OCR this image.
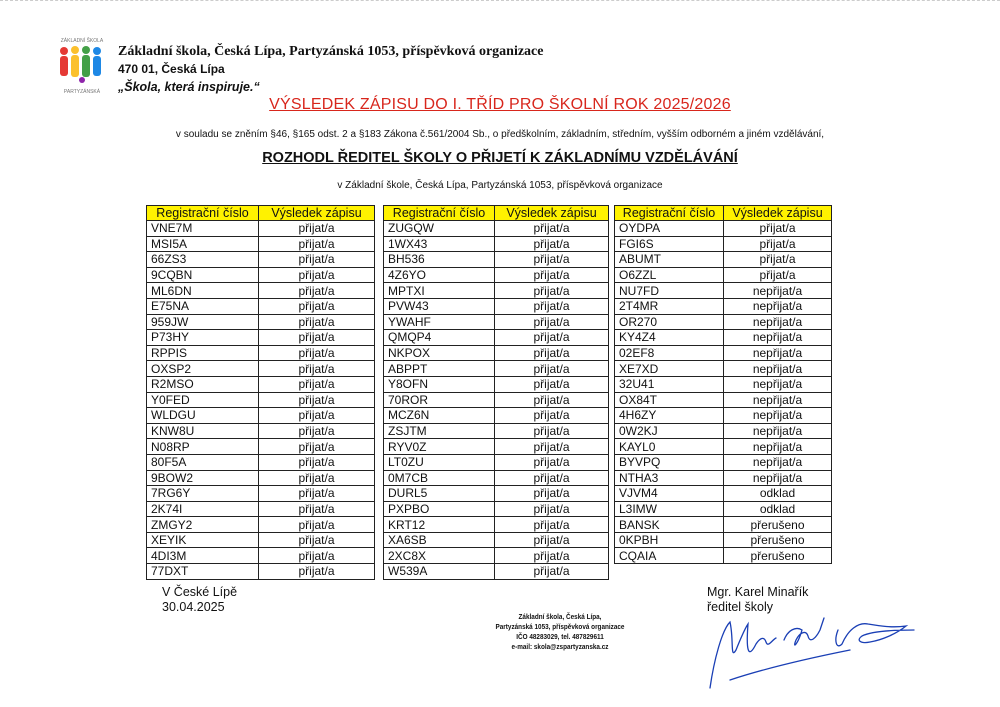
ZÁKLADNÍ ŠKOLA
PARTYZÁNSKÁ
Základní škola, Česká Lípa, Partyzánská 1053, příspěvková organizace
470 01, Česká Lípa
„Škola, která inspiruje.“
VÝSLEDEK ZÁPISU DO I. TŘÍD PRO ŠKOLNÍ ROK 2025/2026
v souladu se zněním §46, §165 odst. 2 a §183 Zákona č.561/2004 Sb., o předškolním, základním, středním, vyšším odborném a jiném vzdělávání,
ROZHODL ŘEDITEL ŠKOLY O PŘIJETÍ K ZÁKLADNÍMU VZDĚLÁVÁNÍ
v Základní škole, Česká Lípa, Partyzánská 1053, příspěvková organizace
Registrační číslo	Výsledek zápisu
VNE7M	přijat/a
MSI5A	přijat/a
66ZS3	přijat/a
9CQBN	přijat/a
ML6DN	přijat/a
E75NA	přijat/a
959JW	přijat/a
P73HY	přijat/a
RPPIS	přijat/a
OXSP2	přijat/a
R2MSO	přijat/a
Y0FED	přijat/a
WLDGU	přijat/a
KNW8U	přijat/a
N08RP	přijat/a
80F5A	přijat/a
9BOW2	přijat/a
7RG6Y	přijat/a
2K74I	přijat/a
ZMGY2	přijat/a
XEYIK	přijat/a
4DI3M	přijat/a
77DXT	přijat/a
Registrační číslo	Výsledek zápisu
ZUGQW	přijat/a
1WX43	přijat/a
BH536	přijat/a
4Z6YO	přijat/a
MPTXI	přijat/a
PVW43	přijat/a
YWAHF	přijat/a
QMQP4	přijat/a
NKPOX	přijat/a
ABPPT	přijat/a
Y8OFN	přijat/a
70ROR	přijat/a
MCZ6N	přijat/a
ZSJTM	přijat/a
RYV0Z	přijat/a
LT0ZU	přijat/a
0M7CB	přijat/a
DURL5	přijat/a
PXPBO	přijat/a
KRT12	přijat/a
XA6SB	přijat/a
2XC8X	přijat/a
W539A	přijat/a
Registrační číslo	Výsledek zápisu
OYDPA	přijat/a
FGI6S	přijat/a
ABUMT	přijat/a
O6ZZL	přijat/a
NU7FD	nepřijat/a
2T4MR	nepřijat/a
OR270	nepřijat/a
KY4Z4	nepřijat/a
02EF8	nepřijat/a
XE7XD	nepřijat/a
32U41	nepřijat/a
OX84T	nepřijat/a
4H6ZY	nepřijat/a
0W2KJ	nepřijat/a
KAYL0	nepřijat/a
BYVPQ	nepřijat/a
NTHA3	nepřijat/a
VJVM4	odklad
L3IMW	odklad
BANSK	přerušeno
0KPBH	přerušeno
CQAIA	přerušeno
V České Lípě
30.04.2025
Mgr. Karel Minařík
ředitel školy
Základní škola, Česká Lípa,
Partyzánská 1053, příspěvková organizace
IČO 48283029, tel. 487829611
e-mail: skola@zspartyzanska.cz
